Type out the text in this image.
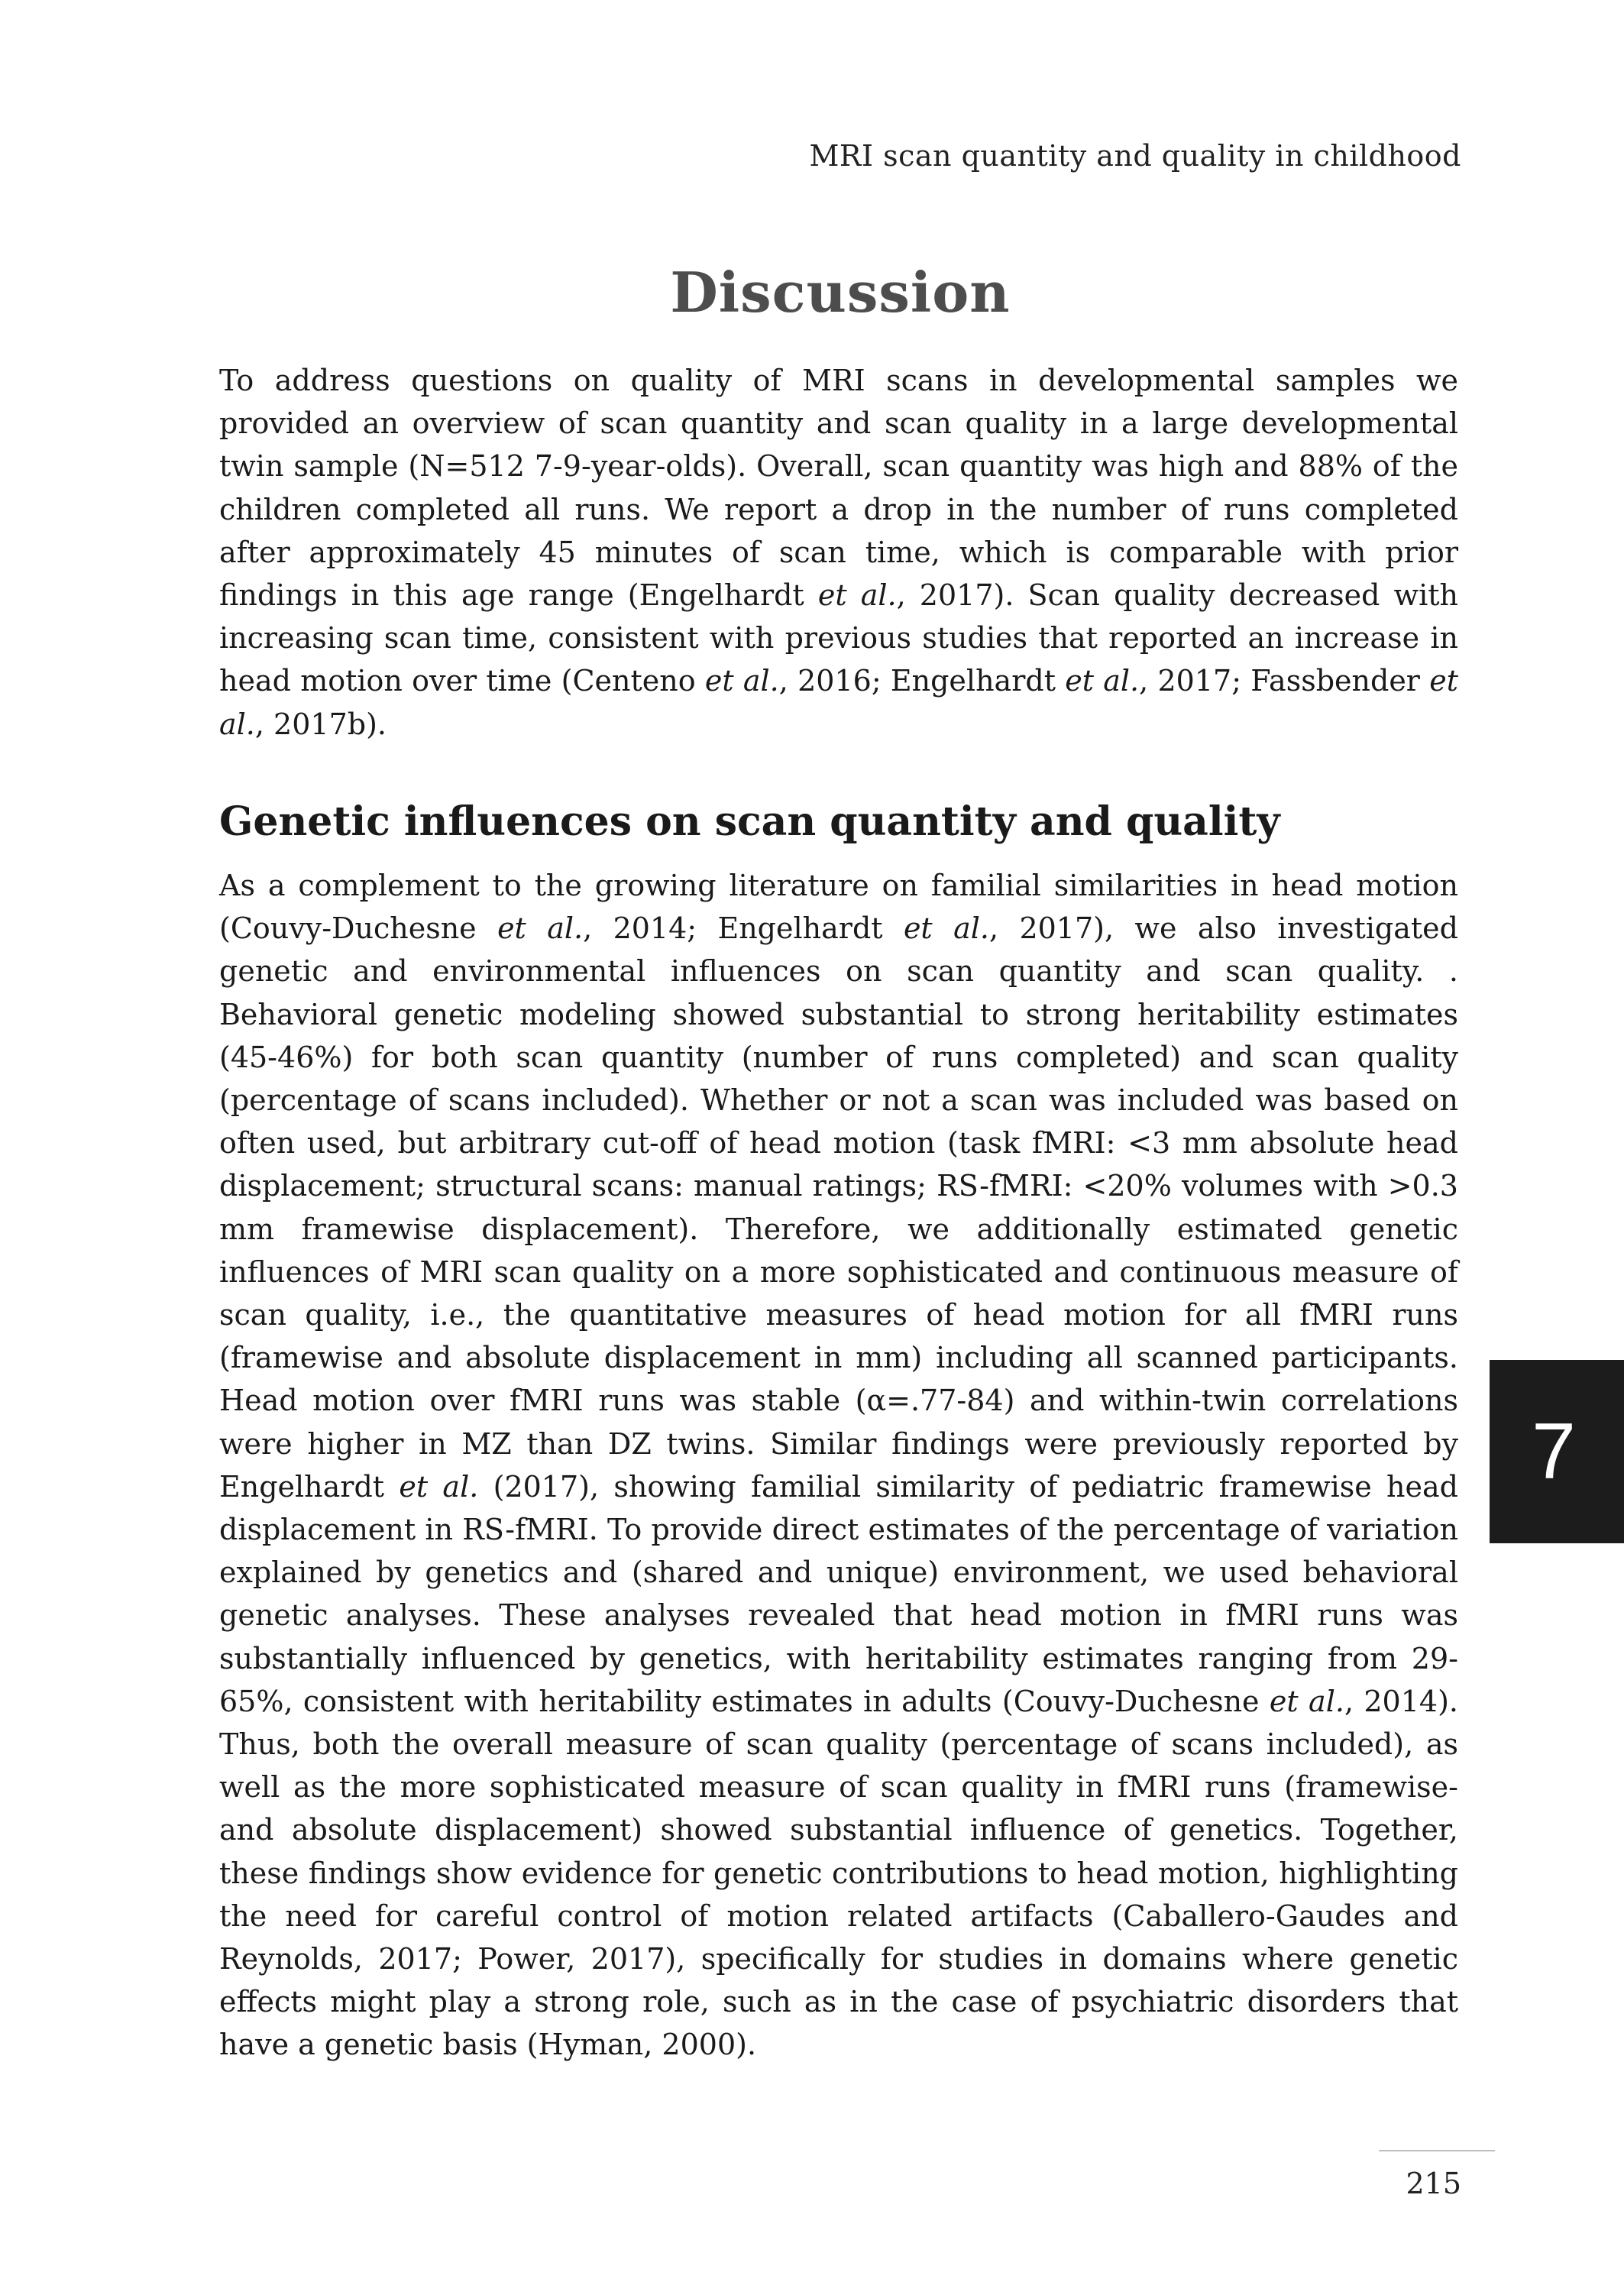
MRI scan quantity and quality in childhood
Discussion

To address questions on quality of MRI scans in developmental samples we provided an overview of scan quantity and scan quality in a large developmental twin sample (N=512 7-9-year-olds). Overall, scan quantity was high and 88% of the children completed all runs. We report a drop in the number of runs completed after approximately 45 minutes of scan time, which is comparable with prior findings in this age range (Engelhardt et al., 2017). Scan quality decreased with increasing scan time, consistent with previous studies that reported an increase in head motion over time (Centeno et al., 2016; Engelhardt et al., 2017; Fassbender et al., 2017b).

Genetic influences on scan quantity and quality

As a complement to the growing literature on familial similarities in head motion (Couvy-Duchesne et al., 2014; Engelhardt et al., 2017), we also investigated genetic and environmental influences on scan quantity and scan quality. . Behavioral genetic modeling showed substantial to strong heritability estimates (45-46%) for both scan quantity (number of runs completed) and scan quality (percentage of scans included). Whether or not a scan was included was based on often used, but arbitrary cut-off of head motion (task fMRI: <3 mm absolute head displacement; structural scans: manual ratings; RS-fMRI: <20% volumes with >0.3 mm framewise displacement). Therefore, we additionally estimated genetic influences of MRI scan quality on a more sophisticated and continuous measure of scan quality, i.e., the quantitative measures of head motion for all fMRI runs (framewise and absolute displacement in mm) including all scanned participants. Head motion over fMRI runs was stable (α=.77-84) and within-twin correlations were higher in MZ than DZ twins. Similar findings were previously reported by Engelhardt et al. (2017), showing familial similarity of pediatric framewise head displacement in RS-fMRI. To provide direct estimates of the percentage of variation explained by genetics and (shared and unique) environment, we used behavioral genetic analyses. These analyses revealed that head motion in fMRI runs was substantially influenced by genetics, with heritability estimates ranging from 29-65%, consistent with heritability estimates in adults (Couvy-Duchesne et al., 2014). Thus, both the overall measure of scan quality (percentage of scans included), as well as the more sophisticated measure of scan quality in fMRI runs (framewise- and absolute displacement) showed substantial influence of genetics. Together, these findings show evidence for genetic contributions to head motion, highlighting the need for careful control of motion related artifacts (Caballero-Gaudes and Reynolds, 2017; Power, 2017), specifically for studies in domains where genetic effects might play a strong role, such as in the case of psychiatric disorders that have a genetic basis (Hyman, 2000).

7
215
